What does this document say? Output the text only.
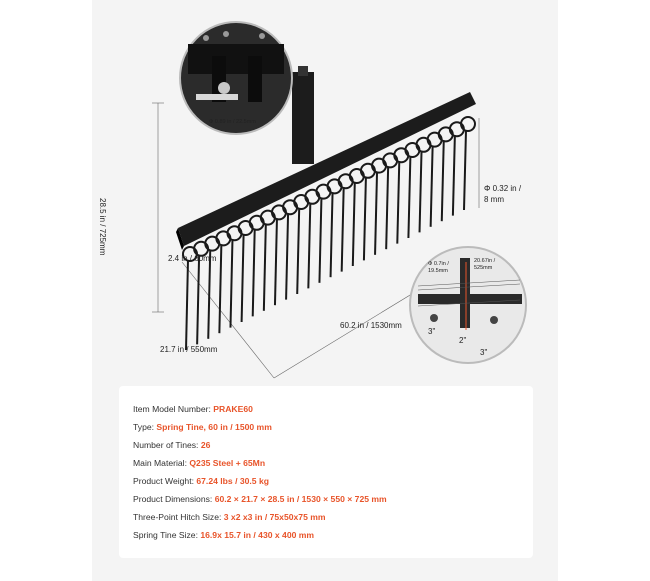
28.5 in / 725mm
Φ 0.89 in / 22.5mm
Φ 0.32 in /
8 mm
2.4 in / 60mm
60.2 in / 1530mm
21.7 in / 550mm
Φ 0.7in /
19.5mm
20.67in /
525mm
3"
2"
3"
Item Model Number: PRAKE60
Type: Spring Tine, 60 in / 1500 mm
Number of Tines: 26
Main Material: Q235 Steel + 65Mn
Product Weight: 67.24 lbs / 30.5 kg
Product Dimensions: 60.2 × 21.7 × 28.5 in / 1530 × 550 × 725 mm
Three-Point Hitch Size: 3 x2 x3 in / 75x50x75 mm
Spring Tine Size: 16.9x 15.7 in / 430 x 400 mm
